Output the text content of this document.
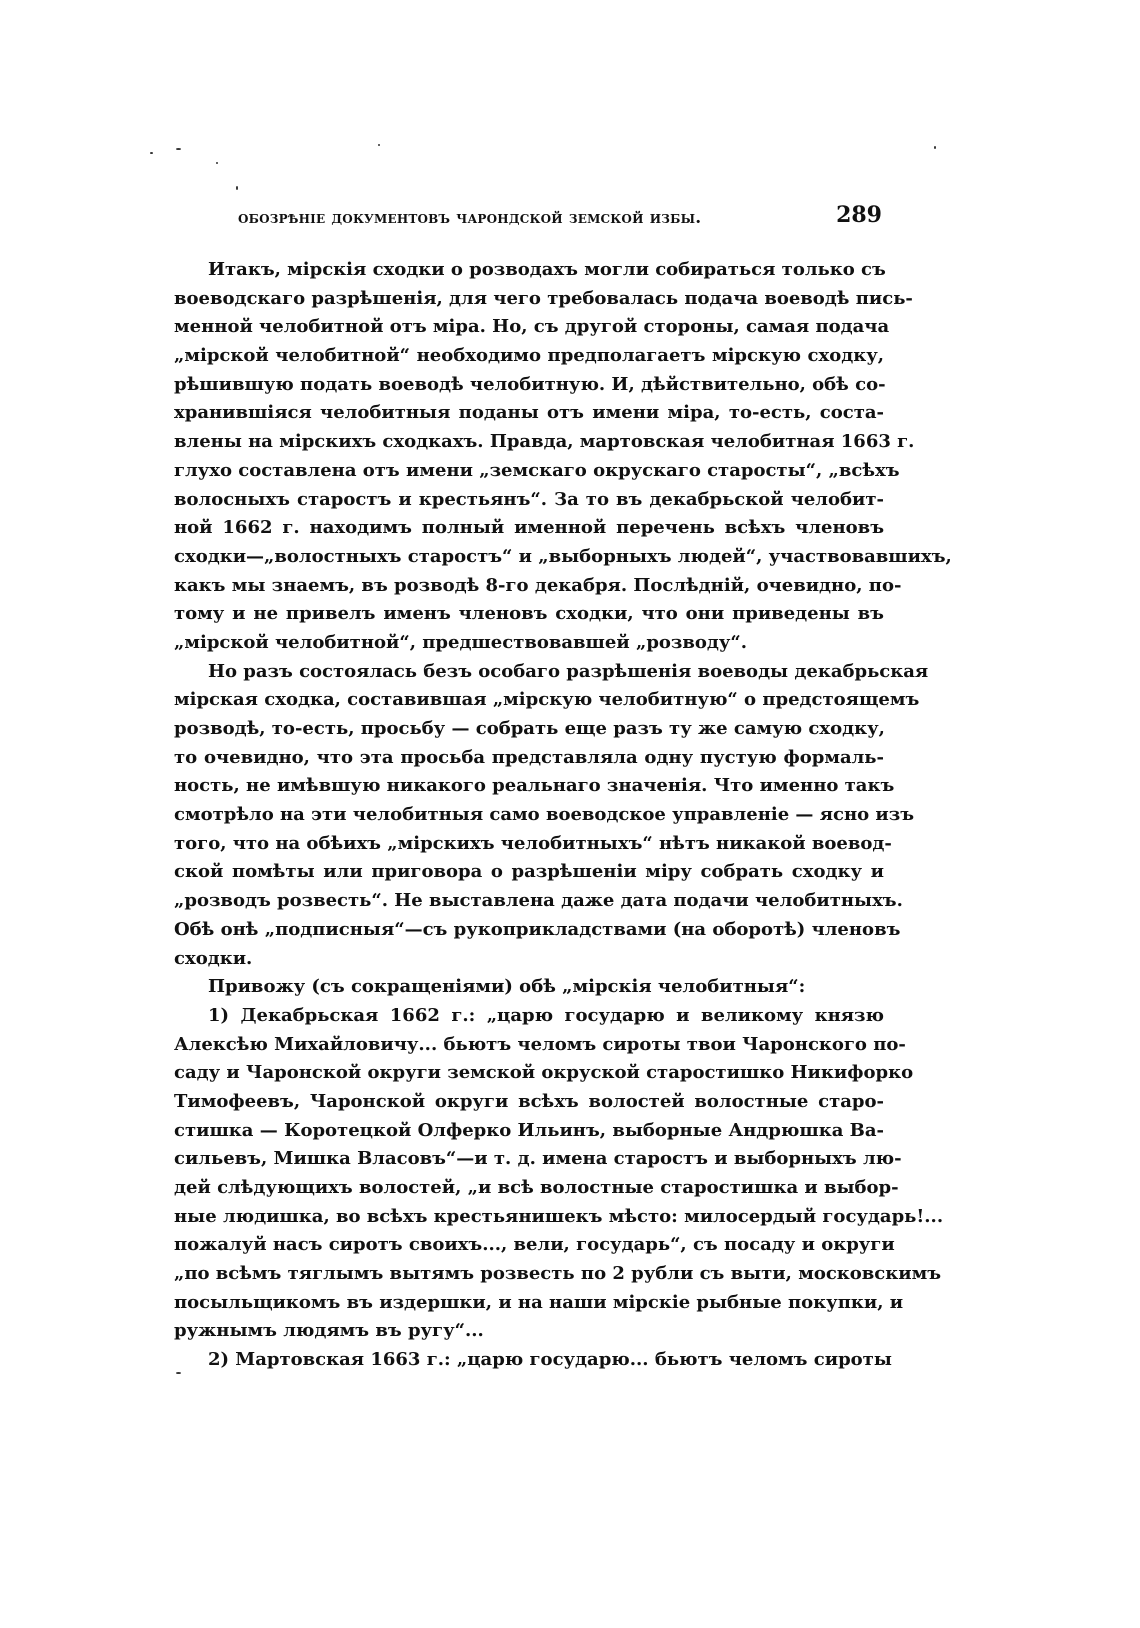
обозрѣніе документовъ чарондской земской избы.	289
Итакъ, мірскія сходки о розводахъ могли собираться только съ
воеводскаго разрѣшенія, для чего требовалась подача воеводѣ пись-
менной челобитной отъ міра. Но, съ другой стороны, самая подача
„мірской челобитной“ необходимо предполагаетъ мірскую сходку,
рѣшившую подать воеводѣ челобитную. И, дѣйствительно, обѣ со-
хранившіяся челобитныя поданы отъ имени міра, то-есть, соста-
влены на мірскихъ сходкахъ. Правда, мартовская челобитная 1663 г.
глухо составлена отъ имени „земскаго окрускаго старосты“, „всѣхъ
волосныхъ старостъ и крестьянъ“. За то въ декабрьской челобит-
ной 1662 г. находимъ полный именной перечень всѣхъ членовъ
сходки—„волостныхъ старостъ“ и „выборныхъ людей“, участвовавшихъ,
какъ мы знаемъ, въ розводѣ 8-го декабря. Послѣдній, очевидно, по-
тому и не привелъ именъ членовъ сходки, что они приведены въ
„мірской челобитной“, предшествовавшей „розводу“.
Но разъ состоялась безъ особаго разрѣшенія воеводы декабрьская
мірская сходка, составившая „мірскую челобитную“ о предстоящемъ
розводѣ, то-есть, просьбу — собрать еще разъ ту же самую сходку,
то очевидно, что эта просьба представляла одну пустую формаль-
ность, не имѣвшую никакого реальнаго значенія. Что именно такъ
смотрѣло на эти челобитныя само воеводское управленіе — ясно изъ
того, что на обѣихъ „мірскихъ челобитныхъ“ нѣтъ никакой воевод-
ской помѣты или приговора о разрѣшеніи міру собрать сходку и
„розводъ розвесть“. Не выставлена даже дата подачи челобитныхъ.
Обѣ онѣ „подписныя“—съ рукоприкладствами (на оборотѣ) членовъ
сходки.
Привожу (съ сокращеніями) обѣ „мірскія челобитныя“:
1) Декабрьская 1662 г.: „царю государю и великому князю
Алексѣю Михайловичу... бьютъ челомъ сироты твои Чаронского по-
саду и Чаронской округи земской окруской старостишко Никифорко
Тимофеевъ, Чаронской округи всѣхъ волостей волостные старо-
стишка — Коротецкой Олферко Ильинъ, выборные Андрюшка Ва-
сильевъ, Мишка Власовъ“—и т. д. имена старостъ и выборныхъ лю-
дей слѣдующихъ волостей, „и всѣ волостные старостишка и выбор-
ные людишка, во всѣхъ крестьянишекъ мѣсто: милосердый государь!...
пожалуй насъ сиротъ своихъ..., вели, государь“, съ посаду и округи
„по всѣмъ тяглымъ вытямъ розвесть по 2 рубли съ выти, московскимъ
посыльщикомъ въ издершки, и на наши мірскіе рыбные покупки, и
ружнымъ людямъ въ ругу“...
2) Мартовская 1663 г.: „царю государю... бьютъ челомъ сироты
